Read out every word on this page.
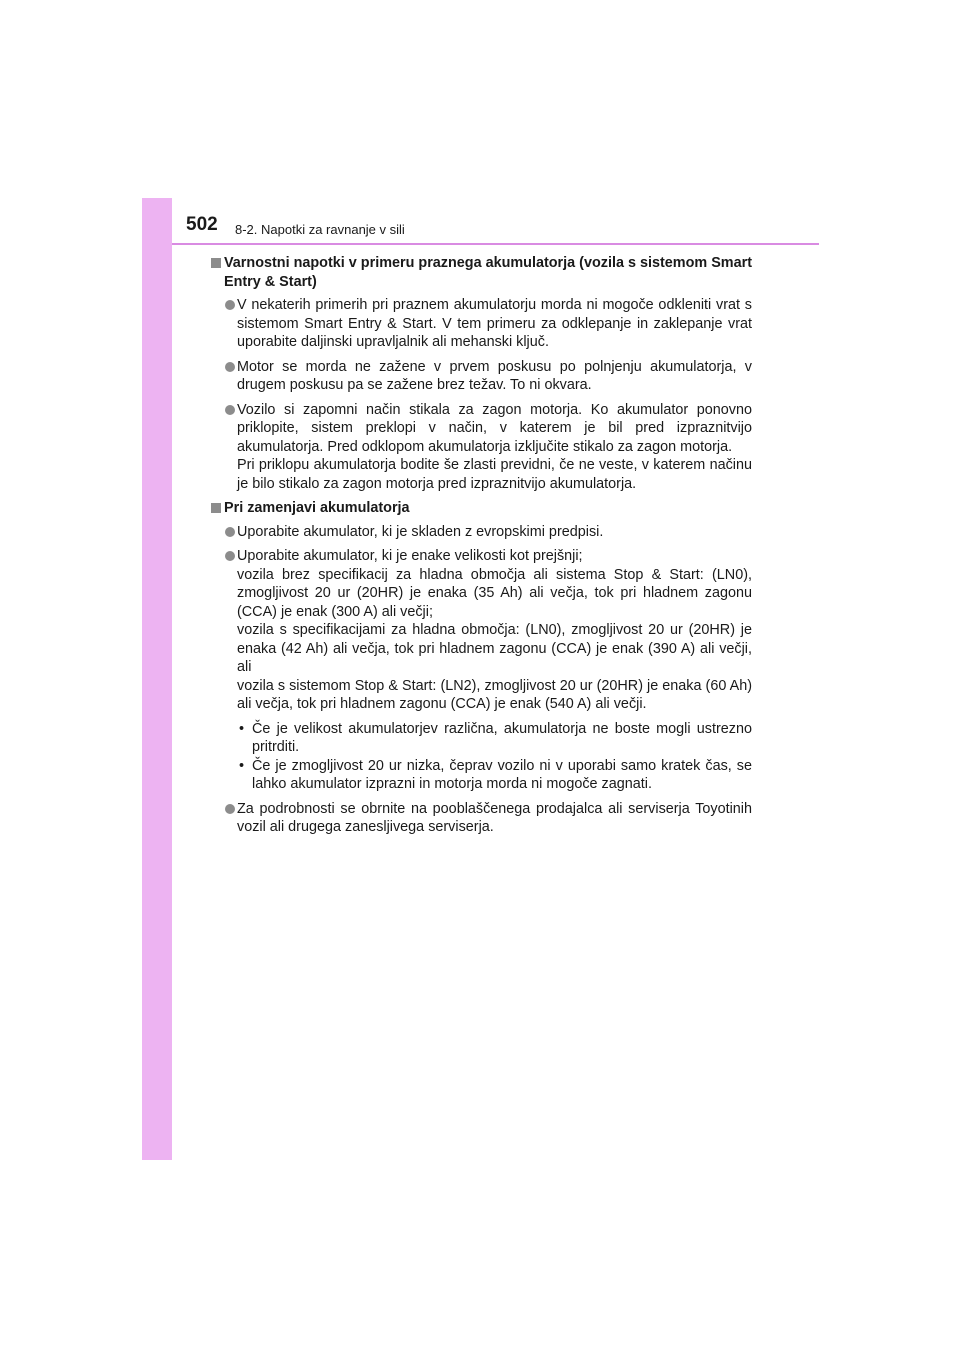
502 8-2. Napotki za ravnanje v sili
Varnostni napotki v primeru praznega akumulatorja (vozila s sistemom Smart Entry & Start)
V nekaterih primerih pri praznem akumulatorju morda ni mogoče odkleniti vrat s sistemom Smart Entry & Start. V tem primeru za odklepanje in zaklepanje vrat uporabite daljinski upravljalnik ali mehanski ključ.
Motor se morda ne zažene v prvem poskusu po polnjenju akumulatorja, v drugem poskusu pa se zažene brez težav. To ni okvara.
Vozilo si zapomni način stikala za zagon motorja. Ko akumulator ponovno priklopite, sistem preklopi v način, v katerem je bil pred izpraznitvijo akumulatorja. Pred odklopom akumulatorja izključite stikalo za zagon motorja.
Pri priklopu akumulatorja bodite še zlasti previdni, če ne veste, v katerem načinu je bilo stikalo za zagon motorja pred izpraznitvijo akumulatorja.
Pri zamenjavi akumulatorja
Uporabite akumulator, ki je skladen z evropskimi predpisi.
Uporabite akumulator, ki je enake velikosti kot prejšnji;
vozila brez specifikacij za hladna območja ali sistema Stop & Start: (LN0), zmogljivost 20 ur (20HR) je enaka (35 Ah) ali večja, tok pri hladnem zagonu (CCA) je enak (300 A) ali večji;
vozila s specifikacijami za hladna območja: (LN0), zmogljivost 20 ur (20HR) je enaka (42 Ah) ali večja, tok pri hladnem zagonu (CCA) je enak (390 A) ali večji, ali
vozila s sistemom Stop & Start: (LN2), zmogljivost 20 ur (20HR) je enaka (60 Ah) ali večja, tok pri hladnem zagonu (CCA) je enak (540 A) ali večji.
• Če je velikost akumulatorjev različna, akumulatorja ne boste mogli ustrezno pritrditi.
• Če je zmogljivost 20 ur nizka, čeprav vozilo ni v uporabi samo kratek čas, se lahko akumulator izprazni in motorja morda ni mogoče zagnati.
Za podrobnosti se obrnite na pooblaščenega prodajalca ali serviserja Toyotinih vozil ali drugega zanesljivega serviserja.
